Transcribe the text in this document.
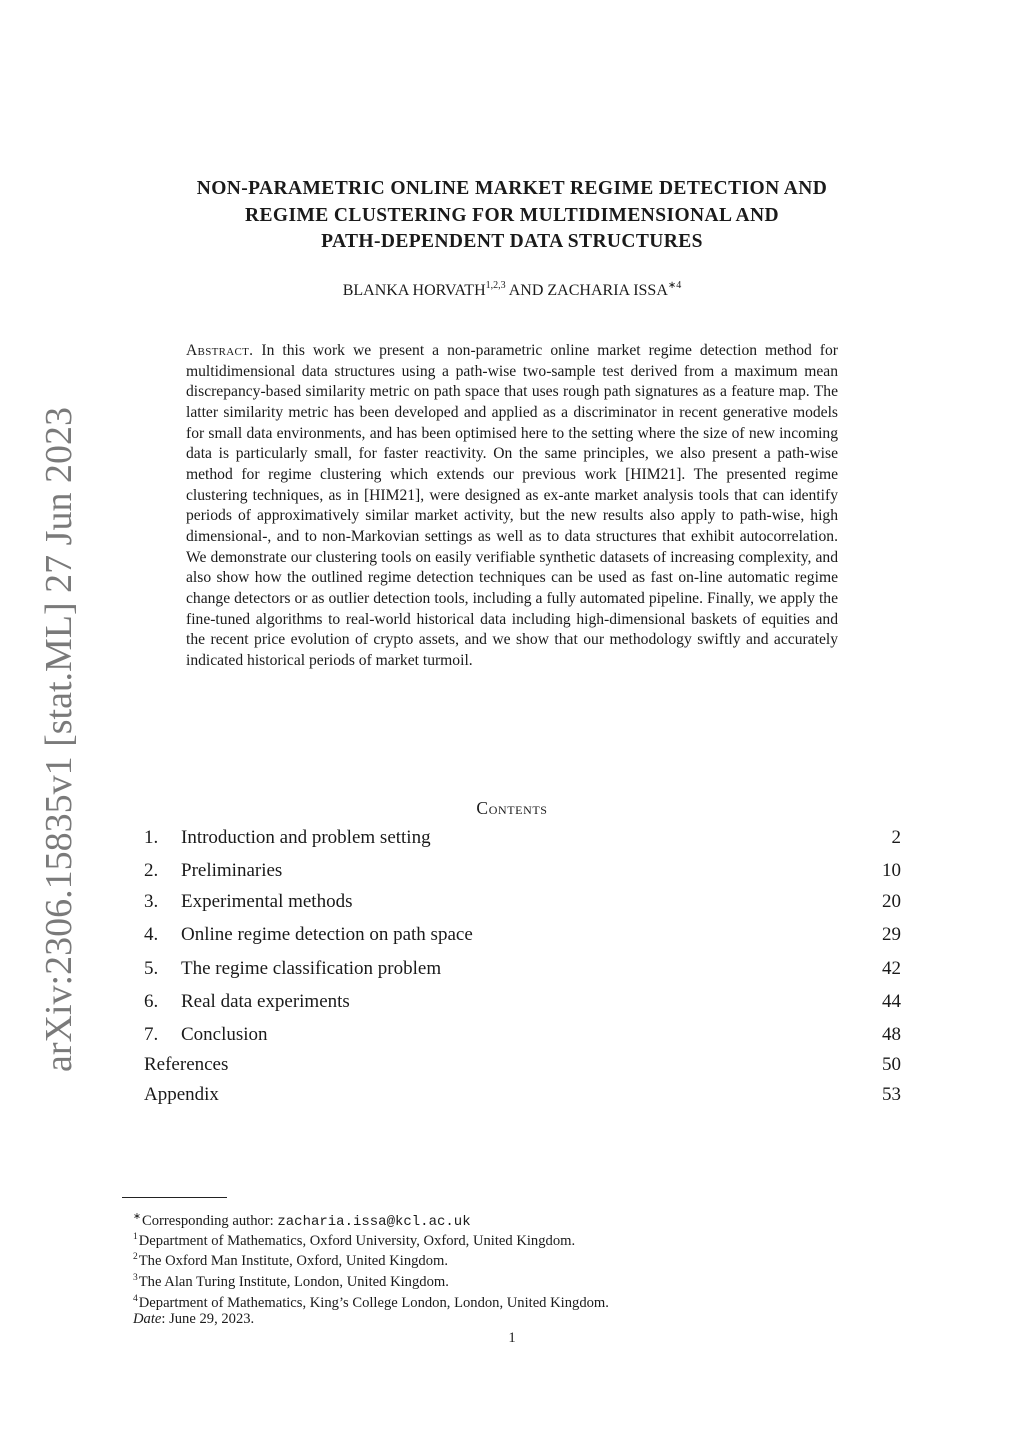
arXiv:2306.15835v1 [stat.ML] 27 Jun 2023
NON-PARAMETRIC ONLINE MARKET REGIME DETECTION AND
REGIME CLUSTERING FOR MULTIDIMENSIONAL AND
PATH-DEPENDENT DATA STRUCTURES
BLANKA HORVATH$^{1,2,3}$ AND ZACHARIA $ISSA^{∗4}$
Abstract. In this work we present a non-parametric online market regime detection method for multidimensional data structures using a path-wise two-sample test derived from a maximum mean discrepancy-based similarity metric on path space that uses rough path signatures as a feature map. The latter similarity metric has been developed and applied as a discriminator in recent generative models for small data environments, and has been optimised here to the setting where the size of new incoming data is particularly small, for faster reactivity. On the same principles, we also present a path-wise method for regime clustering which extends our previous work [HIM21]. The presented regime clustering techniques, as in [HIM21], were designed as ex-ante market analysis tools that can identify periods of approximatively similar market activity, but the new results also apply to path-wise, high dimensional-, and to non-Markovian settings as well as to data structures that exhibit autocorrelation. We demonstrate our clustering tools on easily verifiable synthetic datasets of increasing complexity, and also show how the outlined regime detection techniques can be used as fast on-line automatic regime change detectors or as outlier detection tools, including a fully automated pipeline. Finally, we apply the fine-tuned algorithms to real-world historical data including high-dimensional baskets of equities and the recent price evolution of crypto assets, and we show that our methodology swiftly and accurately indicated historical periods of market turmoil.
Contents
1. Introduction and problem setting	2
2. Preliminaries	10
3. Experimental methods	20
4. Online regime detection on path space	29
5. The regime classification problem	42
6. Real data experiments	44
7. Conclusion	48
References	50
Appendix	53
∗Corresponding author: zacharia.issa@kcl.ac.uk
$^1$Department of Mathematics, Oxford University, Oxford, United Kingdom.
$^2$The Oxford Man Institute, Oxford, United Kingdom.
$^3$The Alan Turing Institute, London, United Kingdom.
$^4$Department of Mathematics, King’s College London, London, United Kingdom.
Date: June 29, 2023.
1
